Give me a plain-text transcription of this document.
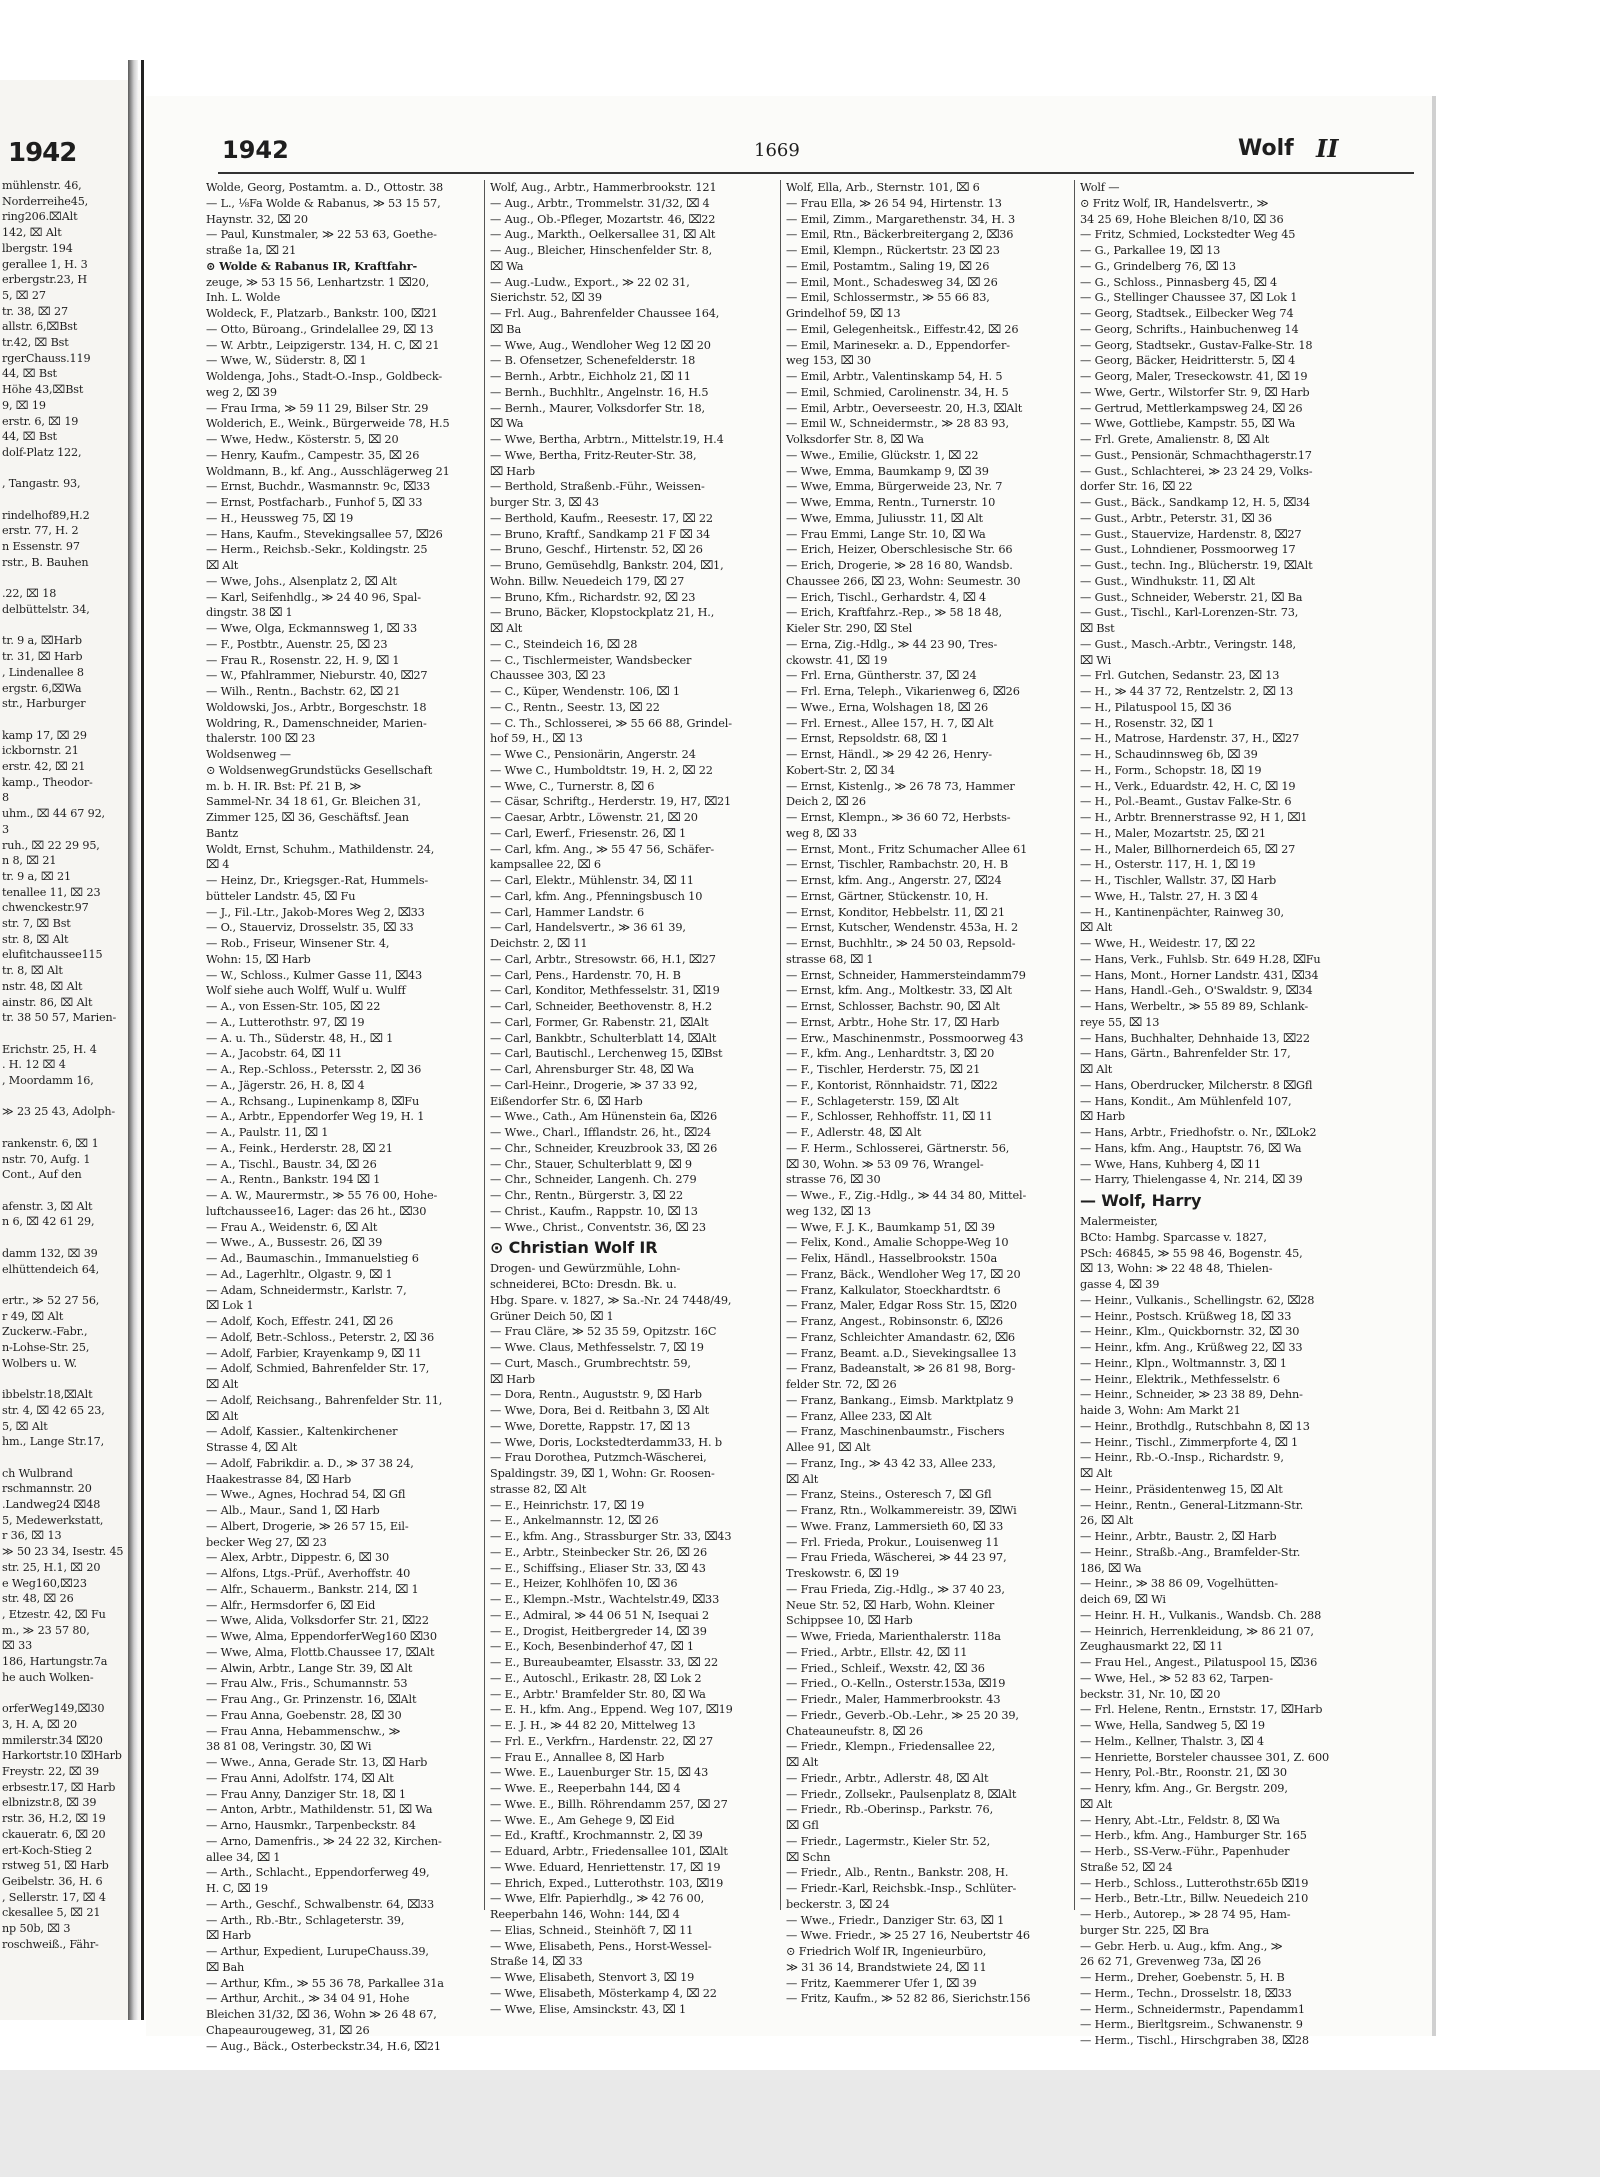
1942
mühlenstr. 46,
Norderreihe45,
ring206.⌧Alt
142, ⌧ Alt
lbergstr. 194
gerallee 1, H. 3
erbergstr.23, H
5, ⌧ 27
tr. 38, ⌧ 27
allstr. 6,⌧Bst
tr.42, ⌧ Bst
rgerChauss.119
44, ⌧ Bst
Höhe 43,⌧Bst
9, ⌧ 19
erstr. 6, ⌧ 19
44, ⌧ Bst
dolf-Platz 122,

, Tangastr. 93,

rindelhof89,H.2
erstr. 77, H. 2
n Essenstr. 97
rstr., B. Bauhen

.22, ⌧ 18
delbüttelstr. 34,

tr. 9 a, ⌧Harb
tr. 31, ⌧ Harb
, Lindenallee 8
ergstr. 6,⌧Wa
str., Harburger

kamp 17, ⌧ 29
ickbornstr. 21
erstr. 42, ⌧ 21
kamp., Theodor-
8
uhm., ⌧ 44 67 92,
3
ruh., ⌧ 22 29 95,
n 8, ⌧ 21
tr. 9 a, ⌧ 21
tenallee 11, ⌧ 23
chwenckestr.97
str. 7, ⌧ Bst
str. 8, ⌧ Alt
elufitchaussee115
tr. 8, ⌧ Alt
nstr. 48, ⌧ Alt
ainstr. 86, ⌧ Alt
tr. 38 50 57, Marien-

Erichstr. 25, H. 4
. H. 12 ⌧ 4
, Moordamm 16,

≫ 23 25 43, Adolph-

rankenstr. 6, ⌧ 1
nstr. 70, Aufg. 1
Cont., Auf den

afenstr. 3, ⌧ Alt
n 6, ⌧ 42 61 29,

damm 132, ⌧ 39
elhüttendeich 64,

ertr., ≫ 52 27 56,
r 49, ⌧ Alt
Zuckerw.-Fabr.,
n-Lohse-Str. 25,
Wolbers u. W.

ibbelstr.18,⌧Alt
str. 4, ⌧ 42 65 23,
5, ⌧ Alt
hm., Lange Str.17,

ch Wulbrand
rschmannstr. 20
.Landweg24 ⌧48
5, Medewerkstatt,
r 36, ⌧ 13
≫ 50 23 34, Isestr. 45
str. 25, H.1, ⌧ 20
e Weg160,⌧23
str. 48, ⌧ 26
, Etzestr. 42, ⌧ Fu
m., ≫ 23 57 80,
⌧ 33
186, Hartungstr.7a
he auch Wolken-

orferWeg149,⌧30
3, H. A, ⌧ 20
mmilerstr.34 ⌧20
Harkortstr.10 ⌧Harb
Freystr. 22, ⌧ 39
erbsestr.17, ⌧ Harb
elbnizstr.8, ⌧ 39
rstr. 36, H.2, ⌧ 19
ckaueratr. 6, ⌧ 20
ert-Koch-Stieg 2
rstweg 51, ⌧ Harb
Geibelstr. 36, H. 6
, Sellerstr. 17, ⌧ 4
ckesallee 5, ⌧ 21
np 50b, ⌧ 3
roschweiß., Fähr-
1942	1669	Wolf II
Wolde, Georg, Postamtm. a. D., Ottostr. 38
— L., ⅛Fa Wolde & Rabanus, ≫ 53 15 57,
Haynstr. 32, ⌧ 20
— Paul, Kunstmaler, ≫ 22 53 63, Goethe-
straße 1a, ⌧ 21
⊙ Wolde & Rabanus IR, Kraftfahr-
zeuge, ≫ 53 15 56, Lenhartzstr. 1 ⌧20,
Inh. L. Wolde
Woldeck, F., Platzarb., Bankstr. 100, ⌧21
— Otto, Büroang., Grindelallee 29, ⌧ 13
— W. Arbtr., Leipzigerstr. 134, H. C, ⌧ 21
— Wwe, W., Süderstr. 8, ⌧ 1
Woldenga, Johs., Stadt-O.-Insp., Goldbeck-
weg 2, ⌧ 39
— Frau Irma, ≫ 59 11 29, Bilser Str. 29
Wolderich, E., Weink., Bürgerweide 78, H.5
— Wwe, Hedw., Kösterstr. 5, ⌧ 20
— Henry, Kaufm., Campestr. 35, ⌧ 26
Woldmann, B., kf. Ang., Ausschlägerweg 21
— Ernst, Buchdr., Wasmannstr. 9c, ⌧33
— Ernst, Postfacharb., Funhof 5, ⌧ 33
— H., Heussweg 75, ⌧ 19
— Hans, Kaufm., Stevekingsallee 57, ⌧26
— Herm., Reichsb.-Sekr., Koldingstr. 25
⌧ Alt
— Wwe, Johs., Alsenplatz 2, ⌧ Alt
— Karl, Seifenhdlg., ≫ 24 40 96, Spal-
dingstr. 38 ⌧ 1
— Wwe, Olga, Eckmannsweg 1, ⌧ 33
— F., Postbtr., Auenstr. 25, ⌧ 23
— Frau R., Rosenstr. 22, H. 9, ⌧ 1
— W., Pfahlrammer, Nieburstr. 40, ⌧27
— Wilh., Rentn., Bachstr. 62, ⌧ 21
Woldowski, Jos., Arbtr., Borgeschstr. 18
Woldring, R., Damenschneider, Marien-
thalerstr. 100 ⌧ 23
Woldsenweg —
⊙ WoldsenwegGrundstücks Gesellschaft
m. b. H. IR. Bst: Pf. 21 B, ≫
Sammel-Nr. 34 18 61, Gr. Bleichen 31,
Zimmer 125, ⌧ 36, Geschäftsf. Jean
Bantz
Woldt, Ernst, Schuhm., Mathildenstr. 24,
⌧ 4
— Heinz, Dr., Kriegsger.-Rat, Hummels-
bütteler Landstr. 45, ⌧ Fu
— J., Fil.-Ltr., Jakob-Mores Weg 2, ⌧33
— O., Stauerviz, Drosselstr. 35, ⌧ 33
— Rob., Friseur, Winsener Str. 4,
Wohn: 15, ⌧ Harb
— W., Schloss., Kulmer Gasse 11, ⌧43
Wolf siehe auch Wolff, Wulf u. Wulff
— A., von Essen-Str. 105, ⌧ 22
— A., Lutterothstr. 97, ⌧ 19
— A. u. Th., Süderstr. 48, H., ⌧ 1
— A., Jacobstr. 64, ⌧ 11
— A., Rep.-Schloss., Petersstr. 2, ⌧ 36
— A., Jägerstr. 26, H. 8, ⌧ 4
— A., Rchsang., Lupinenkamp 8, ⌧Fu
— A., Arbtr., Eppendorfer Weg 19, H. 1
— A., Paulstr. 11, ⌧ 1
— A., Feink., Herderstr. 28, ⌧ 21
— A., Tischl., Baustr. 34, ⌧ 26
— A., Rentn., Bankstr. 194 ⌧ 1
— A. W., Maurermstr., ≫ 55 76 00, Hohe-
luftchaussee16, Lager: das 26 ht., ⌧30
— Frau A., Weidenstr. 6, ⌧ Alt
— Wwe., A., Bussestr. 26, ⌧ 39
— Ad., Baumaschin., Immanuelstieg 6
— Ad., Lagerhltr., Olgastr. 9, ⌧ 1
— Adam, Schneidermstr., Karlstr. 7,
⌧ Lok 1
— Adolf, Koch, Effestr. 241, ⌧ 26
— Adolf, Betr.-Schloss., Peterstr. 2, ⌧ 36
— Adolf, Farbier, Krayenkamp 9, ⌧ 11
— Adolf, Schmied, Bahrenfelder Str. 17,
⌧ Alt
— Adolf, Reichsang., Bahrenfelder Str. 11,
⌧ Alt
— Adolf, Kassier., Kaltenkirchener
Strasse 4, ⌧ Alt
— Adolf, Fabrikdir. a. D., ≫ 37 38 24,
Haakestrasse 84, ⌧ Harb
— Wwe., Agnes, Hochrad 54, ⌧ Gfl
— Alb., Maur., Sand 1, ⌧ Harb
— Albert, Drogerie, ≫ 26 57 15, Eil-
becker Weg 27, ⌧ 23
— Alex, Arbtr., Dippestr. 6, ⌧ 30
— Alfons, Ltgs.-Prüf., Averhoffstr. 40
— Alfr., Schauerm., Bankstr. 214, ⌧ 1
— Alfr., Hermsdorfer 6, ⌧ Eid
— Wwe, Alida, Volksdorfer Str. 21, ⌧22
— Wwe, Alma, EppendorferWeg160 ⌧30
— Wwe, Alma, Flottb.Chaussee 17, ⌧Alt
— Alwin, Arbtr., Lange Str. 39, ⌧ Alt
— Frau Alw., Fris., Schumannstr. 53
— Frau Ang., Gr. Prinzenstr. 16, ⌧Alt
— Frau Anna, Goebenstr. 28, ⌧ 30
— Frau Anna, Hebammenschw., ≫
38 81 08, Veringstr. 30, ⌧ Wi
— Wwe., Anna, Gerade Str. 13, ⌧ Harb
— Frau Anni, Adolfstr. 174, ⌧ Alt
— Frau Anny, Danziger Str. 18, ⌧ 1
— Anton, Arbtr., Mathildenstr. 51, ⌧ Wa
— Arno, Hausmkr., Tarpenbeckstr. 84
— Arno, Damenfris., ≫ 24 22 32, Kirchen-
allee 34, ⌧ 1
— Arth., Schlacht., Eppendorferweg 49,
H. C, ⌧ 19
— Arth., Geschf., Schwalbenstr. 64, ⌧33
— Arth., Rb.-Btr., Schlageterstr. 39,
⌧ Harb
— Arthur, Expedient, LurupeChauss.39,
⌧ Bah
— Arthur, Kfm., ≫ 55 36 78, Parkallee 31a
— Arthur, Archit., ≫ 34 04 91, Hohe
Bleichen 31/32, ⌧ 36, Wohn ≫ 26 48 67,
Chapeaurougeweg, 31, ⌧ 26
— Aug., Bäck., Osterbeckstr.34, H.6, ⌧21
Wolf, Aug., Arbtr., Hammerbrookstr. 121
— Aug., Arbtr., Trommelstr. 31/32, ⌧ 4
— Aug., Ob.-Pfleger, Mozartstr. 46, ⌧22
— Aug., Markth., Oelkersallee 31, ⌧ Alt
— Aug., Bleicher, Hinschenfelder Str. 8,
⌧ Wa
— Aug.-Ludw., Export., ≫ 22 02 31,
Sierichstr. 52, ⌧ 39
— Frl. Aug., Bahrenfelder Chaussee 164,
⌧ Ba
— Wwe, Aug., Wendloher Weg 12 ⌧ 20
— B. Ofensetzer, Schenefelderstr. 18
— Bernh., Arbtr., Eichholz 21, ⌧ 11
— Bernh., Buchhltr., Angelnstr. 16, H.5
— Bernh., Maurer, Volksdorfer Str. 18,
⌧ Wa
— Wwe, Bertha, Arbtrn., Mittelstr.19, H.4
— Wwe, Bertha, Fritz-Reuter-Str. 38,
⌧ Harb
— Berthold, Straßenb.-Führ., Weissen-
burger Str. 3, ⌧ 43
— Berthold, Kaufm., Reesestr. 17, ⌧ 22
— Bruno, Kraftf., Sandkamp 21 F ⌧ 34
— Bruno, Geschf., Hirtenstr. 52, ⌧ 26
— Bruno, Gemüsehdlg, Bankstr. 204, ⌧1,
Wohn. Billw. Neuedeich 179, ⌧ 27
— Bruno, Kfm., Richardstr. 92, ⌧ 23
— Bruno, Bäcker, Klopstockplatz 21, H.,
⌧ Alt
— C., Steindeich 16, ⌧ 28
— C., Tischlermeister, Wandsbecker
Chaussee 303, ⌧ 23
— C., Küper, Wendenstr. 106, ⌧ 1
— C., Rentn., Seestr. 13, ⌧ 22
— C. Th., Schlosserei, ≫ 55 66 88, Grindel-
hof 59, H., ⌧ 13
— Wwe C., Pensionärin, Angerstr. 24
— Wwe C., Humboldtstr. 19, H. 2, ⌧ 22
— Wwe, C., Turnerstr. 8, ⌧ 6
— Cäsar, Schriftg., Herderstr. 19, H7, ⌧21
— Caesar, Arbtr., Löwenstr. 21, ⌧ 20
— Carl, Ewerf., Friesenstr. 26, ⌧ 1
— Carl, kfm. Ang., ≫ 55 47 56, Schäfer-
kampsallee 22, ⌧ 6
— Carl, Elektr., Mühlenstr. 34, ⌧ 11
— Carl, kfm. Ang., Pfenningsbusch 10
— Carl, Hammer Landstr. 6
— Carl, Handelsvertr., ≫ 36 61 39,
Deichstr. 2, ⌧ 11
— Carl, Arbtr., Stresowstr. 66, H.1, ⌧27
— Carl, Pens., Hardenstr. 70, H. B
— Carl, Konditor, Methfesselstr. 31, ⌧19
— Carl, Schneider, Beethovenstr. 8, H.2
— Carl, Former, Gr. Rabenstr. 21, ⌧Alt
— Carl, Bankbtr., Schulterblatt 14, ⌧Alt
— Carl, Bautischl., Lerchenweg 15, ⌧Bst
— Carl, Ahrensburger Str. 48, ⌧ Wa
— Carl-Heinr., Drogerie, ≫ 37 33 92,
Eißendorfer Str. 6, ⌧ Harb
— Wwe., Cath., Am Hünenstein 6a, ⌧26
— Wwe., Charl., Ifflandstr. 26, ht., ⌧24
— Chr., Schneider, Kreuzbrook 33, ⌧ 26
— Chr., Stauer, Schulterblatt 9, ⌧ 9
— Chr., Schneider, Langenh. Ch. 279
— Chr., Rentn., Bürgerstr. 3, ⌧ 22
— Christ., Kaufm., Rappstr. 10, ⌧ 13
— Wwe., Christ., Conventstr. 36, ⌧ 23
⊙ Christian Wolf IR
Drogen- und Gewürzmühle, Lohn-
schneiderei, BCto: Dresdn. Bk. u.
Hbg. Spare. v. 1827, ≫ Sa.-Nr. 24 7448/49,
Grüner Deich 50, ⌧ 1
— Frau Cläre, ≫ 52 35 59, Opitzstr. 16C
— Wwe. Claus, Methfesselstr. 7, ⌧ 19
— Curt, Masch., Grumbrechtstr. 59,
⌧ Harb
— Dora, Rentn., Auguststr. 9, ⌧ Harb
— Wwe, Dora, Bei d. Reitbahn 3, ⌧ Alt
— Wwe, Dorette, Rappstr. 17, ⌧ 13
— Wwe, Doris, Lockstedterdamm33, H. b
— Frau Dorothea, Putzmch-Wäscherei,
Spaldingstr. 39, ⌧ 1, Wohn: Gr. Roosen-
strasse 82, ⌧ Alt
— E., Heinrichstr. 17, ⌧ 19
— E., Ankelmannstr. 12, ⌧ 26
— E., kfm. Ang., Strassburger Str. 33, ⌧43
— E., Arbtr., Steinbecker Str. 26, ⌧ 26
— E., Schiffsing., Eliaser Str. 33, ⌧ 43
— E., Heizer, Kohlhöfen 10, ⌧ 36
— E., Klempn.-Mstr., Wachtelstr.49, ⌧33
— E., Admiral, ≫ 44 06 51 N, Isequai 2
— E., Drogist, Heitbergreder 14, ⌧ 39
— E., Koch, Besenbinderhof 47, ⌧ 1
— E., Bureaubeamter, Elsasstr. 33, ⌧ 22
— E., Autoschl., Erikastr. 28, ⌧ Lok 2
— E., Arbtr.' Bramfelder Str. 80, ⌧ Wa
— E. H., kfm. Ang., Eppend. Weg 107, ⌧19
— E. J. H., ≫ 44 82 20, Mittelweg 13
— Frl. E., Verkfrn., Hardenstr. 22, ⌧ 27
— Frau E., Annallee 8, ⌧ Harb
— Wwe. E., Lauenburger Str. 15, ⌧ 43
— Wwe. E., Reeperbahn 144, ⌧ 4
— Wwe. E., Billh. Röhrendamm 257, ⌧ 27
— Wwe. E., Am Gehege 9, ⌧ Eid
— Ed., Kraftf., Krochmannstr. 2, ⌧ 39
— Eduard, Arbtr., Friedensallee 101, ⌧Alt
— Wwe. Eduard, Henriettenstr. 17, ⌧ 19
— Ehrich, Exped., Lutterothstr. 103, ⌧19
— Wwe, Elfr. Papierhdlg., ≫ 42 76 00,
Reeperbahn 146, Wohn: 144, ⌧ 4
— Elias, Schneid., Steinhöft 7, ⌧ 11
— Wwe, Elisabeth, Pens., Horst-Wessel-
Straße 14, ⌧ 33
— Wwe, Elisabeth, Stenvort 3, ⌧ 19
— Wwe, Elisabeth, Mösterkamp 4, ⌧ 22
— Wwe, Elise, Amsinckstr. 43, ⌧ 1
Wolf, Ella, Arb., Sternstr. 101, ⌧ 6
— Frau Ella, ≫ 26 54 94, Hirtenstr. 13
— Emil, Zimm., Margarethenstr. 34, H. 3
— Emil, Rtn., Bäckerbreitergang 2, ⌧36
— Emil, Klempn., Rückertstr. 23 ⌧ 23
— Emil, Postamtm., Saling 19, ⌧ 26
— Emil, Mont., Schadesweg 34, ⌧ 26
— Emil, Schlossermstr., ≫ 55 66 83,
Grindelhof 59, ⌧ 13
— Emil, Gelegenheitsk., Eiffestr.42, ⌧ 26
— Emil, Marinesekr. a. D., Eppendorfer-
weg 153, ⌧ 30
— Emil, Arbtr., Valentinskamp 54, H. 5
— Emil, Schmied, Carolinenstr. 34, H. 5
— Emil, Arbtr., Oeverseestr. 20, H.3, ⌧Alt
— Emil W., Schneidermstr., ≫ 28 83 93,
Volksdorfer Str. 8, ⌧ Wa
— Wwe., Emilie, Glückstr. 1, ⌧ 22
— Wwe, Emma, Baumkamp 9, ⌧ 39
— Wwe, Emma, Bürgerweide 23, Nr. 7
— Wwe, Emma, Rentn., Turnerstr. 10
— Wwe, Emma, Juliusstr. 11, ⌧ Alt
— Frau Emmi, Lange Str. 10, ⌧ Wa
— Erich, Heizer, Oberschlesische Str. 66
— Erich, Drogerie, ≫ 28 16 80, Wandsb.
Chaussee 266, ⌧ 23, Wohn: Seumestr. 30
— Erich, Tischl., Gerhardstr. 4, ⌧ 4
— Erich, Kraftfahrz.-Rep., ≫ 58 18 48,
Kieler Str. 290, ⌧ Stel
— Erna, Zig.-Hdlg., ≫ 44 23 90, Tres-
ckowstr. 41, ⌧ 19
— Frl. Erna, Güntherstr. 37, ⌧ 24
— Frl. Erna, Teleph., Vikarienweg 6, ⌧26
— Wwe., Erna, Wolshagen 18, ⌧ 26
— Frl. Ernest., Allee 157, H. 7, ⌧ Alt
— Ernst, Repsoldstr. 68, ⌧ 1
— Ernst, Händl., ≫ 29 42 26, Henry-
Kobert-Str. 2, ⌧ 34
— Ernst, Kistenlg., ≫ 26 78 73, Hammer
Deich 2, ⌧ 26
— Ernst, Klempn., ≫ 36 60 72, Herbsts-
weg 8, ⌧ 33
— Ernst, Mont., Fritz Schumacher Allee 61
— Ernst, Tischler, Rambachstr. 20, H. B
— Ernst, kfm. Ang., Angerstr. 27, ⌧24
— Ernst, Gärtner, Stückenstr. 10, H.
— Ernst, Konditor, Hebbelstr. 11, ⌧ 21
— Ernst, Kutscher, Wendenstr. 453a, H. 2
— Ernst, Buchhltr., ≫ 24 50 03, Repsold-
strasse 68, ⌧ 1
— Ernst, Schneider, Hammersteindamm79
— Ernst, kfm. Ang., Moltkestr. 33, ⌧ Alt
— Ernst, Schlosser, Bachstr. 90, ⌧ Alt
— Ernst, Arbtr., Hohe Str. 17, ⌧ Harb
— Erw., Maschinenmstr., Possmoorweg 43
— F., kfm. Ang., Lenhardtstr. 3, ⌧ 20
— F., Tischler, Herderstr. 75, ⌧ 21
— F., Kontorist, Rönnhaidstr. 71, ⌧22
— F., Schlageterstr. 159, ⌧ Alt
— F., Schlosser, Rehhoffstr. 11, ⌧ 11
— F., Adlerstr. 48, ⌧ Alt
— F. Herm., Schlosserei, Gärtnerstr. 56,
⌧ 30, Wohn. ≫ 53 09 76, Wrangel-
strasse 76, ⌧ 30
— Wwe., F., Zig.-Hdlg., ≫ 44 34 80, Mittel-
weg 132, ⌧ 13
— Wwe, F. J. K., Baumkamp 51, ⌧ 39
— Felix, Kond., Amalie Schoppe-Weg 10
— Felix, Händl., Hasselbrookstr. 150a
— Franz, Bäck., Wendloher Weg 17, ⌧ 20
— Franz, Kalkulator, Stoeckhardtstr. 6
— Franz, Maler, Edgar Ross Str. 15, ⌧20
— Franz, Angest., Robinsonstr. 6, ⌧26
— Franz, Schleichter Amandastr. 62, ⌧6
— Franz, Beamt. a.D., Sievekingsallee 13
— Franz, Badeanstalt, ≫ 26 81 98, Borg-
felder Str. 72, ⌧ 26
— Franz, Bankang., Eimsb. Marktplatz 9
— Franz, Allee 233, ⌧ Alt
— Franz, Maschinenbaumstr., Fischers
Allee 91, ⌧ Alt
— Franz, Ing., ≫ 43 42 33, Allee 233,
⌧ Alt
— Franz, Steins., Osteresch 7, ⌧ Gfl
— Franz, Rtn., Wolkammereistr. 39, ⌧Wi
— Wwe. Franz, Lammersieth 60, ⌧ 33
— Frl. Frieda, Prokur., Louisenweg 11
— Frau Frieda, Wäscherei, ≫ 44 23 97,
Treskowstr. 6, ⌧ 19
— Frau Frieda, Zig.-Hdlg., ≫ 37 40 23,
Neue Str. 52, ⌧ Harb, Wohn. Kleiner
Schippsee 10, ⌧ Harb
— Wwe, Frieda, Marienthalerstr. 118a
— Fried., Arbtr., Ellstr. 42, ⌧ 11
— Fried., Schleif., Wexstr. 42, ⌧ 36
— Fried., O.-Kelln., Osterstr.153a, ⌧19
— Friedr., Maler, Hammerbrookstr. 43
— Friedr., Geverb.-Ob.-Lehr., ≫ 25 20 39,
Chateauneufstr. 8, ⌧ 26
— Friedr., Klempn., Friedensallee 22,
⌧ Alt
— Friedr., Arbtr., Adlerstr. 48, ⌧ Alt
— Friedr., Zollsekr., Paulsenplatz 8, ⌧Alt
— Friedr., Rb.-Oberinsp., Parkstr. 76,
⌧ Gfl
— Friedr., Lagermstr., Kieler Str. 52,
⌧ Schn
— Friedr., Alb., Rentn., Bankstr. 208, H.
— Friedr.-Karl, Reichsbk.-Insp., Schlüter-
beckerstr. 3, ⌧ 24
— Wwe., Friedr., Danziger Str. 63, ⌧ 1
— Wwe. Friedr., ≫ 25 27 16, Neubertstr 46
⊙ Friedrich Wolf IR, Ingenieurbüro,
≫ 31 36 14, Brandstwiete 24, ⌧ 11
— Fritz, Kaemmerer Ufer 1, ⌧ 39
— Fritz, Kaufm., ≫ 52 82 86, Sierichstr.156
Wolf —
⊙ Fritz Wolf, IR, Handelsvertr., ≫
34 25 69, Hohe Bleichen 8/10, ⌧ 36
— Fritz, Schmied, Lockstedter Weg 45
— G., Parkallee 19, ⌧ 13
— G., Grindelberg 76, ⌧ 13
— G., Schloss., Pinnasberg 45, ⌧ 4
— G., Stellinger Chaussee 37, ⌧ Lok 1
— Georg, Stadtsek., Eilbecker Weg 74
— Georg, Schrifts., Hainbuchenweg 14
— Georg, Stadtsekr., Gustav-Falke-Str. 18
— Georg, Bäcker, Heidritterstr. 5, ⌧ 4
— Georg, Maler, Treseckowstr. 41, ⌧ 19
— Wwe, Gertr., Wilstorfer Str. 9, ⌧ Harb
— Gertrud, Mettlerkampsweg 24, ⌧ 26
— Wwe, Gottliebe, Kampstr. 55, ⌧ Wa
— Frl. Grete, Amalienstr. 8, ⌧ Alt
— Gust., Pensionär, Schmachthagerstr.17
— Gust., Schlachterei, ≫ 23 24 29, Volks-
dorfer Str. 16, ⌧ 22
— Gust., Bäck., Sandkamp 12, H. 5, ⌧34
— Gust., Arbtr., Peterstr. 31, ⌧ 36
— Gust., Stauervize, Hardenstr. 8, ⌧27
— Gust., Lohndiener, Possmoorweg 17
— Gust., techn. Ing., Blücherstr. 19, ⌧Alt
— Gust., Windhukstr. 11, ⌧ Alt
— Gust., Schneider, Weberstr. 21, ⌧ Ba
— Gust., Tischl., Karl-Lorenzen-Str. 73,
⌧ Bst
— Gust., Masch.-Arbtr., Veringstr. 148,
⌧ Wi
— Frl. Gutchen, Sedanstr. 23, ⌧ 13
— H., ≫ 44 37 72, Rentzelstr. 2, ⌧ 13
— H., Pilatuspool 15, ⌧ 36
— H., Rosenstr. 32, ⌧ 1
— H., Matrose, Hardenstr. 37, H., ⌧27
— H., Schaudinnsweg 6b, ⌧ 39
— H., Form., Schopstr. 18, ⌧ 19
— H., Verk., Eduardstr. 42, H. C, ⌧ 19
— H., Pol.-Beamt., Gustav Falke-Str. 6
— H., Arbtr. Brennerstrasse 92, H 1, ⌧1
— H., Maler, Mozartstr. 25, ⌧ 21
— H., Maler, Billhornerdeich 65, ⌧ 27
— H., Osterstr. 117, H. 1, ⌧ 19
— H., Tischler, Wallstr. 37, ⌧ Harb
— Wwe, H., Talstr. 27, H. 3 ⌧ 4
— H., Kantinenpächter, Rainweg 30,
⌧ Alt
— Wwe, H., Weidestr. 17, ⌧ 22
— Hans, Verk., Fuhlsb. Str. 649 H.28, ⌧Fu
— Hans, Mont., Horner Landstr. 431, ⌧34
— Hans, Handl.-Geh., O'Swaldstr. 9, ⌧34
— Hans, Werbeltr., ≫ 55 89 89, Schlank-
reye 55, ⌧ 13
— Hans, Buchhalter, Dehnhaide 13, ⌧22
— Hans, Gärtn., Bahrenfelder Str. 17,
⌧ Alt
— Hans, Oberdrucker, Milcherstr. 8 ⌧Gfl
— Hans, Kondit., Am Mühlenfeld 107,
⌧ Harb
— Hans, Arbtr., Friedhofstr. o. Nr., ⌧Lok2
— Hans, kfm. Ang., Hauptstr. 76, ⌧ Wa
— Wwe, Hans, Kuhberg 4, ⌧ 11
— Harry, Thielengasse 4, Nr. 214, ⌧ 39
— Wolf, Harry
Malermeister,
BCto: Hambg. Sparcasse v. 1827,
PSch: 46845, ≫ 55 98 46, Bogenstr. 45,
⌧ 13, Wohn: ≫ 22 48 48, Thielen-
gasse 4, ⌧ 39
— Heinr., Vulkanis., Schellingstr. 62, ⌧28
— Heinr., Postsch. Krüßweg 18, ⌧ 33
— Heinr., Klm., Quickbornstr. 32, ⌧ 30
— Heinr., kfm. Ang., Krüßweg 22, ⌧ 33
— Heinr., Klpn., Woltmannstr. 3, ⌧ 1
— Heinr., Elektrik., Methfesselstr. 6
— Heinr., Schneider, ≫ 23 38 89, Dehn-
haide 3, Wohn: Am Markt 21
— Heinr., Brothdlg., Rutschbahn 8, ⌧ 13
— Heinr., Tischl., Zimmerpforte 4, ⌧ 1
— Heinr., Rb.-O.-Insp., Richardstr. 9,
⌧ Alt
— Heinr., Präsidentenweg 15, ⌧ Alt
— Heinr., Rentn., General-Litzmann-Str.
26, ⌧ Alt
— Heinr., Arbtr., Baustr. 2, ⌧ Harb
— Heinr., Straßb.-Ang., Bramfelder-Str.
186, ⌧ Wa
— Heinr., ≫ 38 86 09, Vogelhütten-
deich 69, ⌧ Wi
— Heinr. H. H., Vulkanis., Wandsb. Ch. 288
— Heinrich, Herrenkleidung, ≫ 86 21 07,
Zeughausmarkt 22, ⌧ 11
— Frau Hel., Angest., Pilatuspool 15, ⌧36
— Wwe, Hel., ≫ 52 83 62, Tarpen-
beckstr. 31, Nr. 10, ⌧ 20
— Frl. Helene, Rentn., Ernststr. 17, ⌧Harb
— Wwe, Hella, Sandweg 5, ⌧ 19
— Helm., Kellner, Thalstr. 3, ⌧ 4
— Henriette, Borsteler chaussee 301, Z. 600
— Henry, Pol.-Btr., Roonstr. 21, ⌧ 30
— Henry, kfm. Ang., Gr. Bergstr. 209,
⌧ Alt
— Henry, Abt.-Ltr., Feldstr. 8, ⌧ Wa
— Herb., kfm. Ang., Hamburger Str. 165
— Herb., SS-Verw.-Führ., Papenhuder
Straße 52, ⌧ 24
— Herb., Schloss., Lutterothstr.65b ⌧19
— Herb., Betr.-Ltr., Billw. Neuedeich 210
— Herb., Autorep., ≫ 28 74 95, Ham-
burger Str. 225, ⌧ Bra
— Gebr. Herb. u. Aug., kfm. Ang., ≫
26 62 71, Grevenweg 73a, ⌧ 26
— Herm., Dreher, Goebenstr. 5, H. B
— Herm., Techn., Drosselstr. 18, ⌧33
— Herm., Schneidermstr., Papendamm1
— Herm., Bierltgsreim., Schwanenstr. 9
— Herm., Tischl., Hirschgraben 38, ⌧28
